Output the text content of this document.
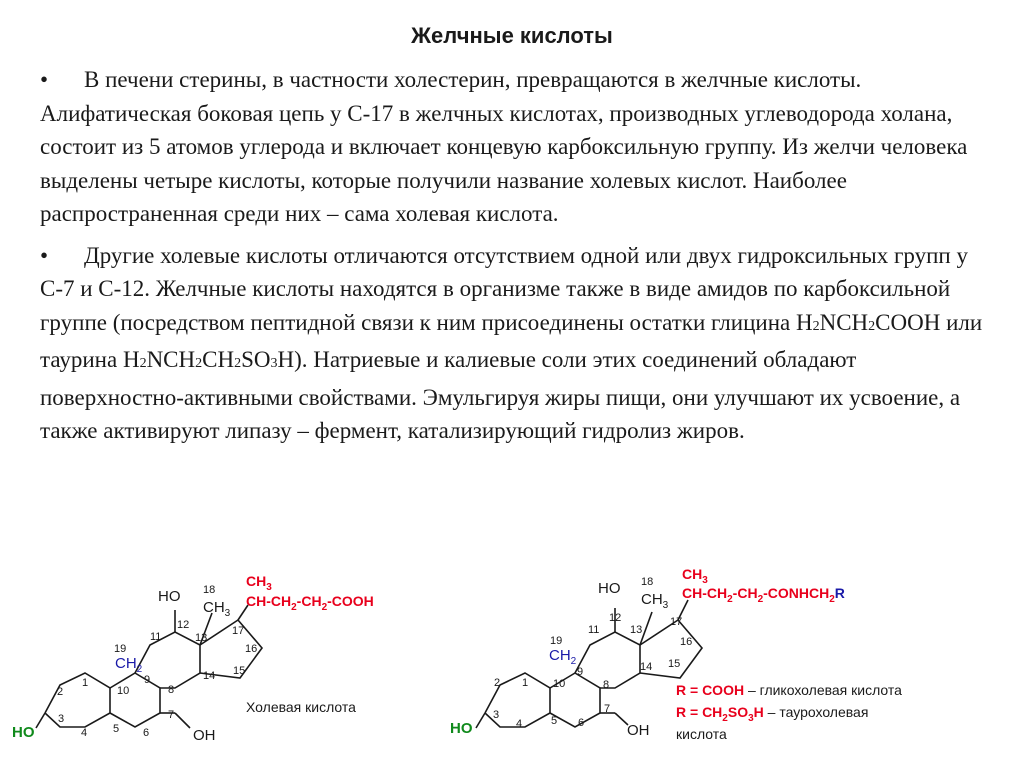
Желчные кислоты

• В печени стерины, в частности холестерин, превращаются в желчные кислоты. Алифатическая боковая цепь у С-17 в желчных кислотах, производных углеводорода холана, состоит из 5 атомов углерода и включает концевую карбоксильную группу. Из желчи человека выделены четыре кислоты, которые получили название холевых кислот. Наиболее распространенная среди них – сама холевая кислота.

• Другие холевые кислоты отличаются отсутствием одной или двух гидроксильных групп у С-7 и С-12. Желчные кислоты находятся в организме также в виде амидов по карбоксильной группе (посредством пептидной связи к ним присоединены остатки глицина H2NCH2COOH или таурина H2NCH2CH2SO3H). Натриевые и калиевые соли этих соединений обладают поверхностно-активными свойствами. Эмульгируя жиры пищи, они улучшают их усвоение, а также активируют липазу – фермент, катализирующий гидролиз жиров.

HO
HO
OH
18
$CH_3$
19
$CH_2$
$CH_3$
$CH-CH_2-CH_2$-COOH
Холевая кислота
1
2
3
4 5 6
7
8
9
10
11
12
13
14 15
16
17
HO
HO
OH
18
$CH_3$
19
$CH_2$
$CH_3$
$CH-CH_2-CH_2-CONHCH_2R$
R = COOH – гликохолевая кислота
$R = CH_2SO_3H$ – таурохолевая
кислота
1
2
3
4	5 6
7
8
9
10
11
12
13
14 15
16
17
